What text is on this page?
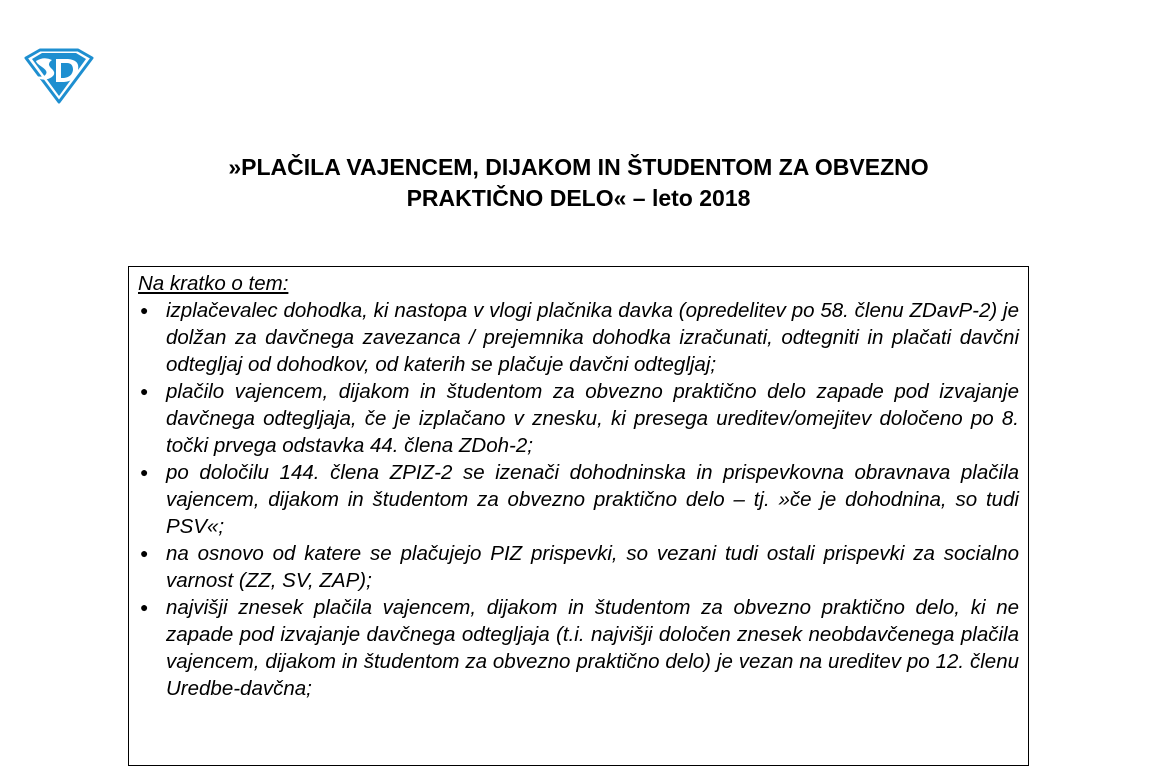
»PLAČILA VAJENCEM, DIJAKOM IN ŠTUDENTOM ZA OBVEZNO
PRAKTIČNO DELO« – leto 2018

Na kratko o tem:

● izplačevalec dohodka, ki nastopa v vlogi plačnika davka (opredelitev po 58. členu ZDavP-2) je dolžan za davčnega zavezanca / prejemnika dohodka izračunati, odtegniti in plačati davčni odtegljaj od dohodkov, od katerih se plačuje davčni odtegljaj;
● plačilo vajencem, dijakom in študentom za obvezno praktično delo zapade pod izvajanje davčnega odtegljaja, če je izplačano v znesku, ki presega ureditev/omejitev določeno po 8. točki prvega odstavka 44. člena ZDoh-2;
● po določilu 144. člena ZPIZ-2 se izenači dohodninska in prispevkovna obravnava plačila vajencem, dijakom in študentom za obvezno praktično delo – tj. »če je dohodnina, so tudi PSV«;
● na osnovo od katere se plačujejo PIZ prispevki, so vezani tudi ostali prispevki za socialno varnost (ZZ, SV, ZAP);
● najvišji znesek plačila vajencem, dijakom in študentom za obvezno praktično delo, ki ne zapade pod izvajanje davčnega odtegljaja (t.i. najvišji določen znesek neobdavčenega plačila vajencem, dijakom in študentom za obvezno praktično delo) je vezan na ureditev po 12. členu Uredbe-davčna;
